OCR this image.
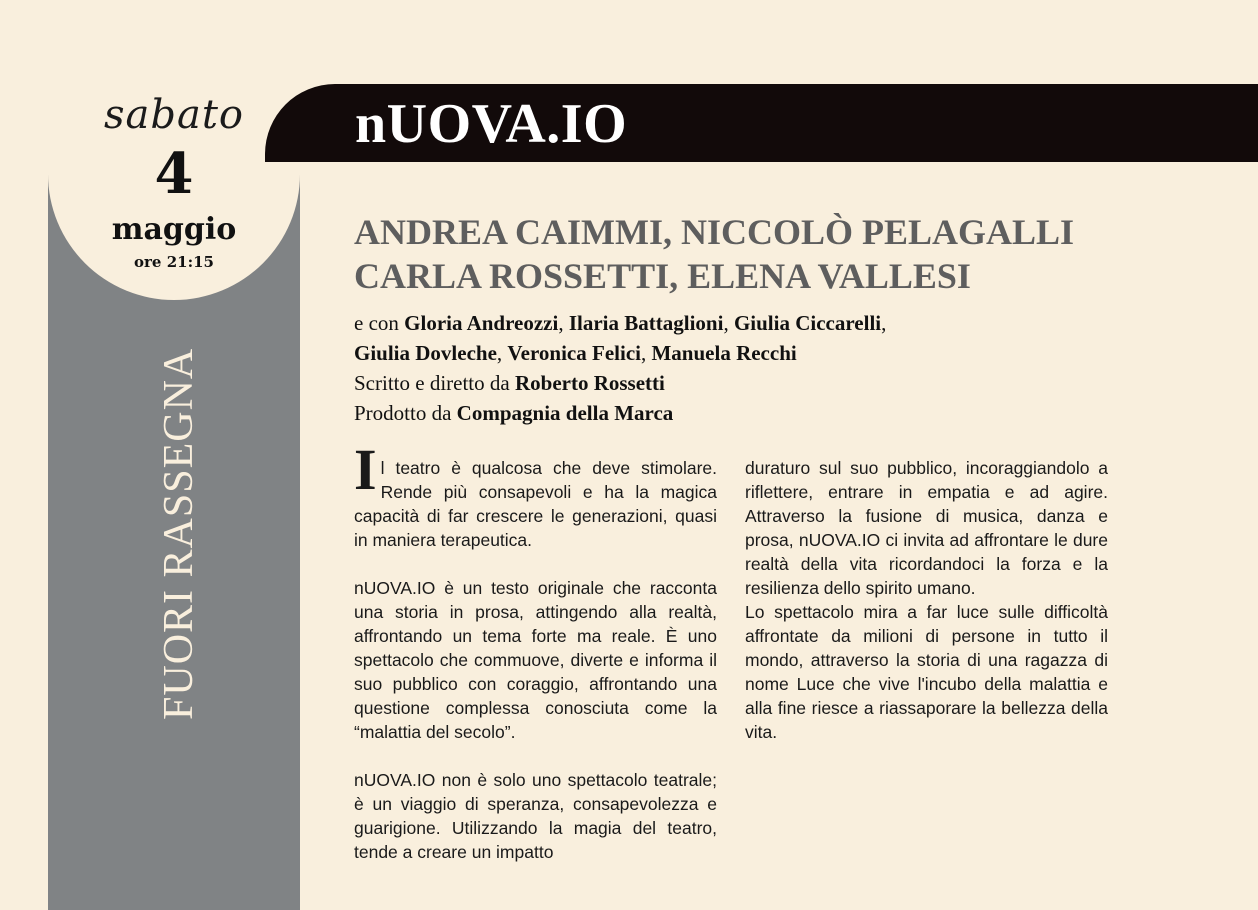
sabato
4
maggio
ore 21:15
FUORI RASSEGNA
nUOVA.IO
ANDREA CAIMMI, NICCOLÒ PELAGALLI
CARLA ROSSETTI, ELENA VALLESI
e con Gloria Andreozzi, Ilaria Battaglioni, Giulia Ciccarelli,
Giulia Dovleche, Veronica Felici, Manuela Recchi
Scritto e diretto da Roberto Rossetti
Prodotto da Compagnia della Marca

Il teatro è qualcosa che deve stimolare. Rende più consapevoli e ha la magica capacità di far crescere le generazioni, quasi in maniera terapeutica.

nUOVA.IO è un testo originale che racconta una storia in prosa, attingendo alla realtà, affrontando un tema forte ma reale. È uno spettacolo che commuove, diverte e informa il suo pubblico con coraggio, affrontando una questione complessa conosciuta come la “malattia del secolo”.

nUOVA.IO non è solo uno spettacolo teatrale; è un viaggio di speranza, consapevolezza e guarigione. Utilizzando la magia del teatro, tende a creare un impatto

duraturo sul suo pubblico, incoraggiandolo a riflettere, entrare in empatia e ad agire. Attraverso la fusione di musica, danza e prosa, nUOVA.IO ci invita ad affrontare le dure realtà della vita ricordandoci la forza e la resilienza dello spirito umano.

Lo spettacolo mira a far luce sulle difficoltà affrontate da milioni di persone in tutto il mondo, attraverso la storia di una ragazza di nome Luce che vive l'incubo della malattia e alla fine riesce a riassaporare la bellezza della vita.
